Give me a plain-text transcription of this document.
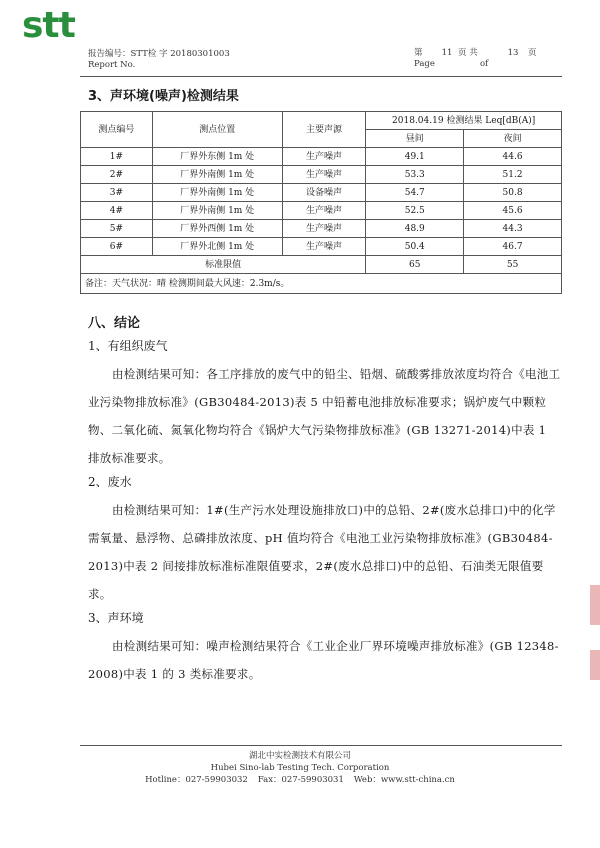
stt
报告编号：STT检 字 20180301003
Report No.
第	11 页 共	13	页
Page	of
3、声环境(噪声)检测结果
测点编号	测点位置	主要声源	2018.04.19 检测结果 Leq[dB(A)]	
			昼间	夜间
1#	厂界外东侧 1m 处	生产噪声	49.1	44.6
2#	厂界外南侧 1m 处	生产噪声	53.3	51.2
3#	厂界外南侧 1m 处	设备噪声	54.7	50.8
4#	厂界外南侧 1m 处	生产噪声	52.5	45.6
5#	厂界外西侧 1m 处	生产噪声	48.9	44.3
6#	厂界外北侧 1m 处	生产噪声	50.4	46.7
标准限值			65	55
备注：天气状况：晴 检测期间最大风速：2.3m/s。				
八、结论
1、有组织废气

由检测结果可知：各工序排放的废气中的铅尘、铅烟、硫酸雾排放浓度均符合《电池工业污染物排放标准》(GB30484-2013)表 5 中铅蓄电池排放标准要求；锅炉废气中颗粒物、二氧化硫、氮氧化物均符合《锅炉大气污染物排放标准》(GB 13271-2014)中表 1 排放标准要求。

2、废水

由检测结果可知：1#(生产污水处理设施排放口)中的总铅、2#(废水总排口)中的化学需氧量、悬浮物、总磷排放浓度、pH 值均符合《电池工业污染物排放标准》(GB30484-2013)中表 2 间接排放标准标准限值要求，2#(废水总排口)中的总铅、石油类无限值要求。

3、声环境

由检测结果可知：噪声检测结果符合《工业企业厂界环境噪声排放标准》(GB 12348-2008)中表 1 的 3 类标准要求。

湖北中实检测技术有限公司
Hubei Sino-lab Testing Tech. Corporation
Hotline：027-59903032 Fax：027-59903031 Web：www.stt-china.cn
